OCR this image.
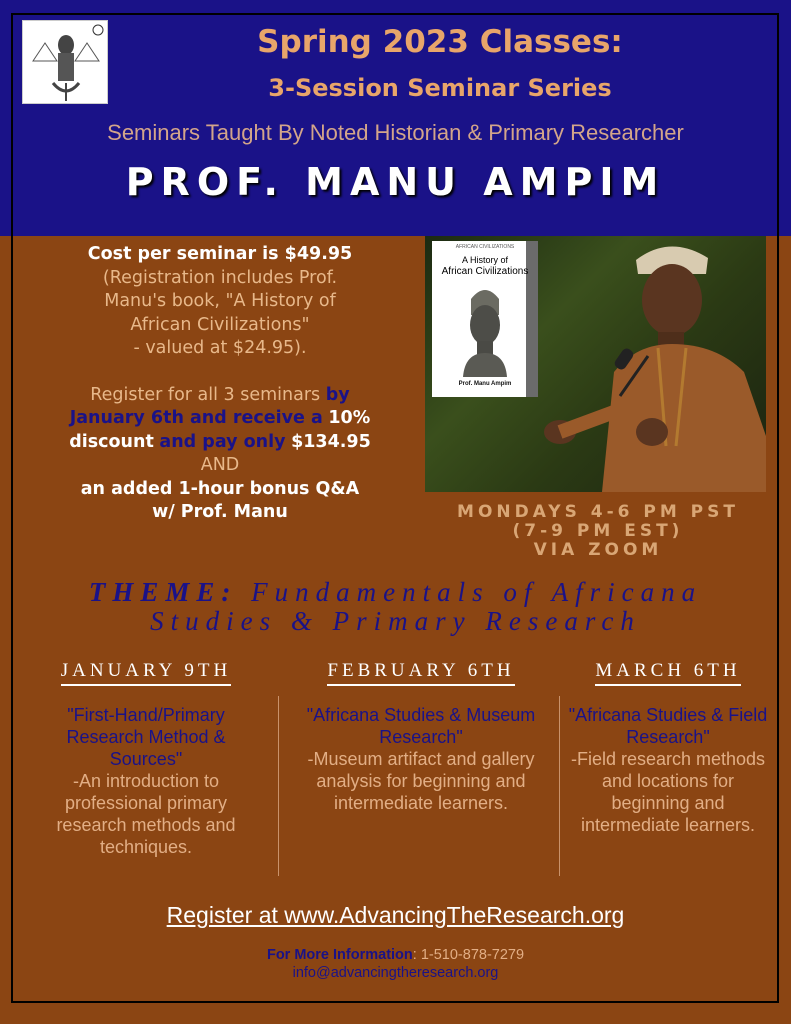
Spring 2023 Classes:
3-Session Seminar Series
Seminars Taught By Noted Historian & Primary Researcher
PROF. MANU AMPIM
Cost per seminar is $49.95
(Registration includes Prof.
Manu's book, "A History of
African Civilizations"
- valued at $24.95).
Register for all 3 seminars by
January 6th and receive a 10%
discount and pay only $134.95
AND
an added 1-hour bonus Q&A
w/ Prof. Manu
AFRICAN CIVILIZATIONS
A History of
African Civilizations
Prof. Manu Ampim
MONDAYS 4-6 PM PST
(7-9 PM EST)
VIA ZOOM
THEME: Fundamentals of Africana
Studies & Primary Research
JANUARY 9TH
"First-Hand/Primary Research Method & Sources"
-An introduction to professional primary research methods and techniques.
FEBRUARY 6TH
"Africana Studies & Museum Research"
-Museum artifact and gallery analysis for beginning and intermediate learners.
MARCH 6TH
"Africana Studies & Field Research"
-Field research methods and locations for beginning and intermediate learners.
Register at www.AdvancingTheResearch.org
For More Information: 1-510-878-7279
info@advancingtheresearch.org
